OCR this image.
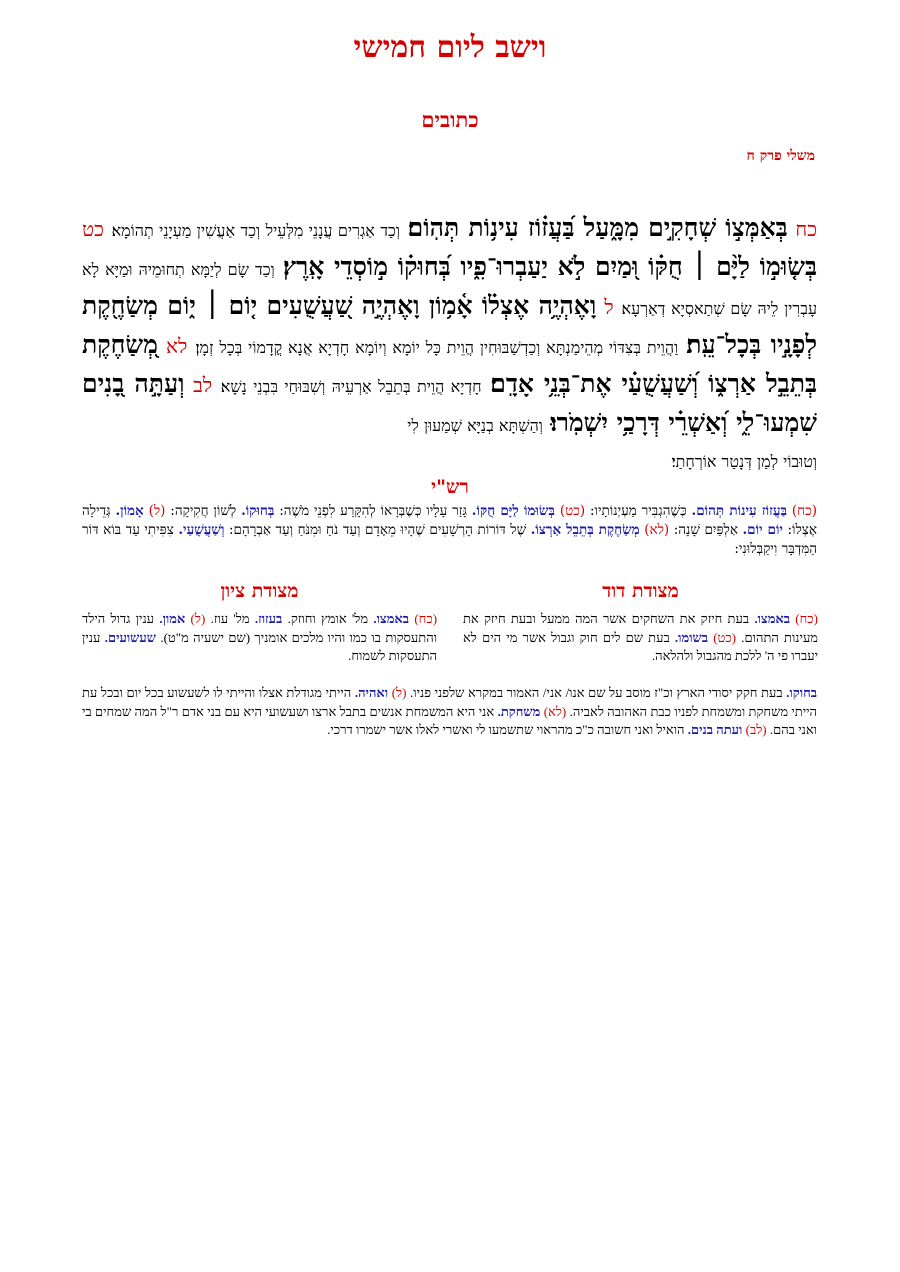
וישב ליום חמישי
כתובים
משלי פרק ח
כח בְּאַמְּצ֣וֹ שְׁחָקִ֣ים מִמָּ֑עַל בַּ֝עֲז֗וֹז עִינ֥וֹת תְּהֽוֹם׃ וְכַד אַגְרִים עֲנָנֵי מִלְּעֵיל וְכַד אַעֲשִׁין מַעְיָנֵי תְהוֹמָא׃ כט בְּשׂ֤וּמ֣וֹ לַיָּ֨ם ׀ חֻקּ֗וֹ וּ֭מַיִם לֹ֣א יַעַבְרוּ־פִ֑יו בְּ֝חוּק֗וֹ מ֣וֹסְדֵי אָֽרֶץ׃ וְכַד שָׂם לְיַמָּא תְחוּמֵיהּ וּמַיָּא לָא עָבְרִין לֵיהּ שָׂם שְׁתַאסְיָא דְאַרְעָא׃ ל וָאֶהְיֶ֥ה אֶצְל֗וֹ אָ֫מ֥וֹן וָאֶהְיֶ֣ה שַׁ֭עֲשֻׁעִים י֤וֹם ׀ י֑וֹם מְשַׂחֶ֖קֶת לְפָנָ֣יו בְּכָל־עֵֽת׃ וַהֲוֵית בְּצִדּוֹי מְהֵימַנְתָּא וְכַדְשַׁבּוּחִין הֲוֵית כָּל יוֹמָא וְיוֹמָא חָדְיָא אֲנָא קֳדָמוֹי בְּכָל זְמָן׃ לא מְ֭שַׂחֶקֶת בְּתֵבֵ֣ל אַרְצ֑וֹ וְ֝שַׁעֲשֻׁעַ֗י אֶת־בְּנֵ֥י אָדָֽם׃ חָדְיָא הֲוֵית בְּתֵבֵל אַרְעֵיהּ וְשִׁבּוּחַי בִּבְנֵי נָשָׁא׃ לב וְעַתָּ֣ה בָ֭נִים שִׁמְעוּ־לִ֑י וְ֝אַשְׁרֵ֗י דְּרָכַ֥י יִשְׁמֹֽרוּ׃ וְהַשְׁתָּא בְנַיָּא שְׁמַעוּן לִי
וְטוּבוֹי לְמַן דְּנָטַר אוֹרְחָתַי׃
רש"י
(כח) בַּעֲזוֹז עִינוֹת תְּהוֹם. כְּשֶׁהִגְבִּיר מַעְיְנוֹתָיו: (כט) בְּשׂוּמוֹ לַיָּם חֻקּוֹ. גָּזַר עָלָיו כְּשֶׁבְּרָאוֹ לְהִקָּרַע לִפְנֵי מֹשֶׁה: בְּחוּקוֹ. לְשׁוֹן חֲקִיקָה: (ל) אָמוֹן. גְּדֵילָה אֶצְלוֹ: יוֹם יוֹם. אַלְפַּיִם שָׁנָה: (לא) מְשַׂחֶקֶת בְּתֵבֵל אַרְצוֹ. שֶׁל דּוֹרוֹת הָרְשָׁעִים שֶׁהָיוּ מֵאָדָם וְעַד נֹחַ וּמִנֹּחַ וְעַד אַבְרָהָם: וְשַׁעֲשֻׁעַי. צִפִּיתִי עַד בּוֹא דּוֹר הַמִּדְבָּר וִיקַבְּלוּנִי:
מצודת דוד
מצודת ציון
(כח) באמצו. בעת חיזק את השחקים אשר המה ממעל ובעת חיזק את מעינות התהום. (כט) בשומו. בעת שם לים חוק וגבול אשר מי הים לא יעברו פי ה' ללכת מהגבול ולהלאה.
(כח) באמצו. מל' אומץ וחוזק. בעזוז. מל' עוז. (ל) אמון. ענין גדול הילד והתעסקות בו כמו והיו מלכים אומניך (שם ישעיה מ"ט). שעשועים. ענין התעסקות לשמוח.
בחוקו. בעת חקק יסודי הארץ וכ"ז מוסב על שם אנו/ אני/ האמור במקרא שלפני פניו. (ל) ואהיה. הייתי מגודלת אצלו והייתי לו לשעשוע בכל יום ובכל עת הייתי משחקת ומשמחת לפניו כבת האהובה לאביה. (לא) משחקת. אני היא המשמחת אנשים בתבל ארצו ושעשועי היא עם בני אדם ר"ל המה שמחים בי ואני בהם. (לב) ועתה בנים. הואיל ואני חשובה כ"כ מהראוי שתשמעו לי ואשרי לאלו אשר ישמרו דרכי.
